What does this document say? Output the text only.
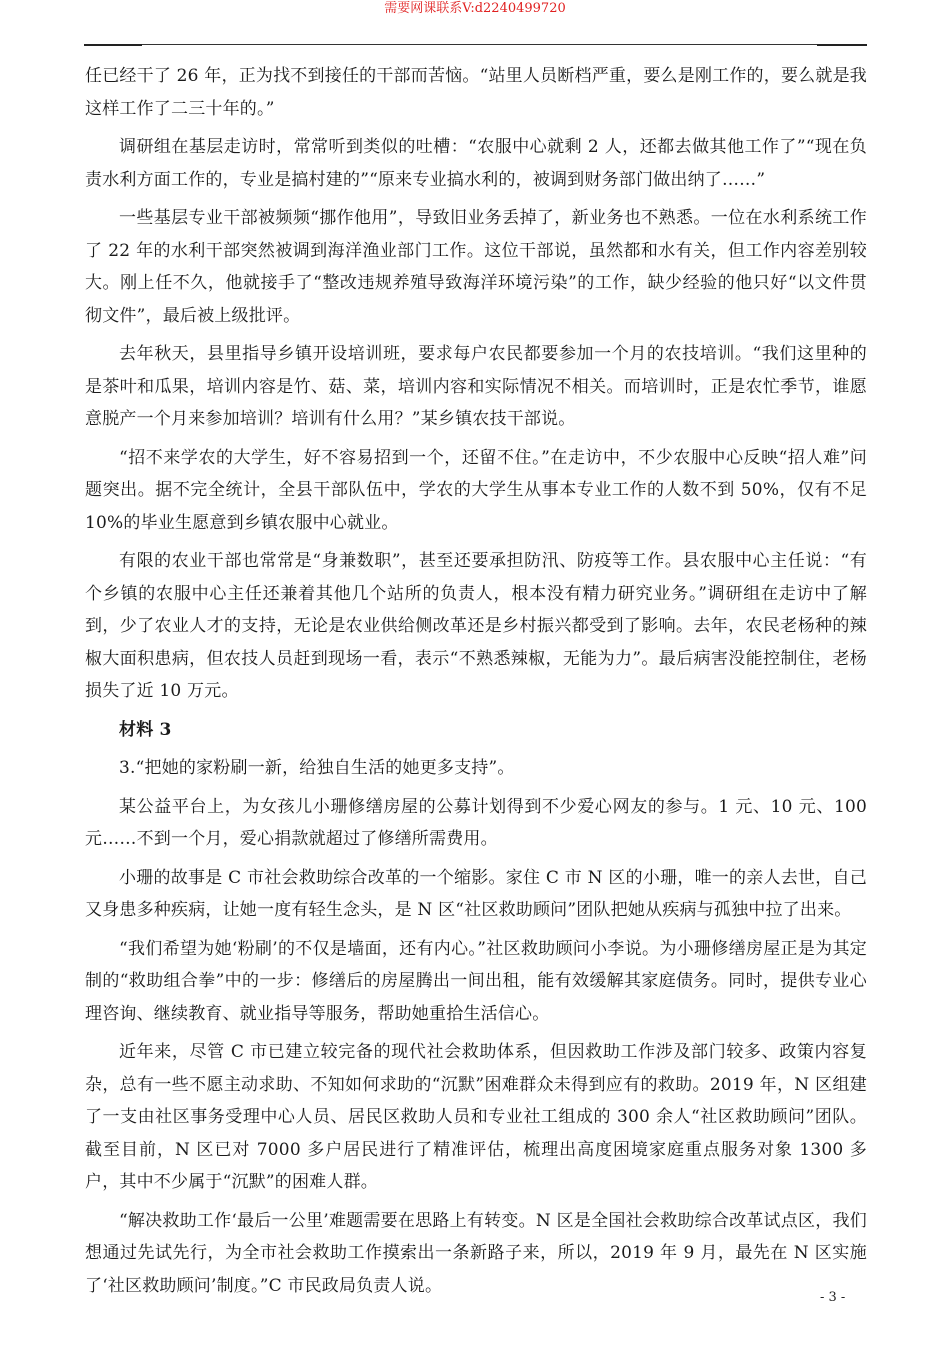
需要网课联系V:d2240499720

任已经干了 26 年，正为找不到接任的干部而苦恼。“站里人员断档严重，要么是刚工作的，要么就是我这样工作了二三十年的。”

调研组在基层走访时，常常听到类似的吐槽：“农服中心就剩 2 人，还都去做其他工作了”“现在负责水利方面工作的，专业是搞村建的”“原来专业搞水利的，被调到财务部门做出纳了……”

一些基层专业干部被频频“挪作他用”，导致旧业务丢掉了，新业务也不熟悉。一位在水利系统工作了 22 年的水利干部突然被调到海洋渔业部门工作。这位干部说，虽然都和水有关，但工作内容差别较大。刚上任不久，他就接手了“整改违规养殖导致海洋环境污染”的工作，缺少经验的他只好“以文件贯彻文件”，最后被上级批评。

去年秋天，县里指导乡镇开设培训班，要求每户农民都要参加一个月的农技培训。“我们这里种的是茶叶和瓜果，培训内容是竹、菇、菜，培训内容和实际情况不相关。而培训时，正是农忙季节，谁愿意脱产一个月来参加培训？培训有什么用？”某乡镇农技干部说。

“招不来学农的大学生，好不容易招到一个，还留不住。”在走访中，不少农服中心反映“招人难”问题突出。据不完全统计，全县干部队伍中，学农的大学生从事本专业工作的人数不到 50%，仅有不足 10%的毕业生愿意到乡镇农服中心就业。

有限的农业干部也常常是“身兼数职”，甚至还要承担防汛、防疫等工作。县农服中心主任说：“有个乡镇的农服中心主任还兼着其他几个站所的负责人，根本没有精力研究业务。”调研组在走访中了解到，少了农业人才的支持，无论是农业供给侧改革还是乡村振兴都受到了影响。去年，农民老杨种的辣椒大面积患病，但农技人员赶到现场一看，表示“不熟悉辣椒，无能为力”。最后病害没能控制住，老杨损失了近 10 万元。

材料 3

3.“把她的家粉刷一新，给独自生活的她更多支持”。

某公益平台上，为女孩儿小珊修缮房屋的公募计划得到不少爱心网友的参与。1 元、10 元、100 元……不到一个月，爱心捐款就超过了修缮所需费用。

小珊的故事是 C 市社会救助综合改革的一个缩影。家住 C 市 N 区的小珊，唯一的亲人去世，自己又身患多种疾病，让她一度有轻生念头，是 N 区“社区救助顾问”团队把她从疾病与孤独中拉了出来。

“我们希望为她‘粉刷’的不仅是墙面，还有内心。”社区救助顾问小李说。为小珊修缮房屋正是为其定制的“救助组合拳”中的一步：修缮后的房屋腾出一间出租，能有效缓解其家庭债务。同时，提供专业心理咨询、继续教育、就业指导等服务，帮助她重拾生活信心。

近年来，尽管 C 市已建立较完备的现代社会救助体系，但因救助工作涉及部门较多、政策内容复杂，总有一些不愿主动求助、不知如何求助的“沉默”困难群众未得到应有的救助。2019 年，N 区组建了一支由社区事务受理中心人员、居民区救助人员和专业社工组成的 300 余人“社区救助顾问”团队。截至目前，N 区已对 7000 多户居民进行了精准评估，梳理出高度困境家庭重点服务对象 1300 多户，其中不少属于“沉默”的困难人群。

“解决救助工作‘最后一公里’难题需要在思路上有转变。N 区是全国社会救助综合改革试点区，我们想通过先试先行，为全市社会救助工作摸索出一条新路子来，所以，2019 年 9 月，最先在 N 区实施了‘社区救助顾问’制度。”C 市民政局负责人说。

- 3 -
